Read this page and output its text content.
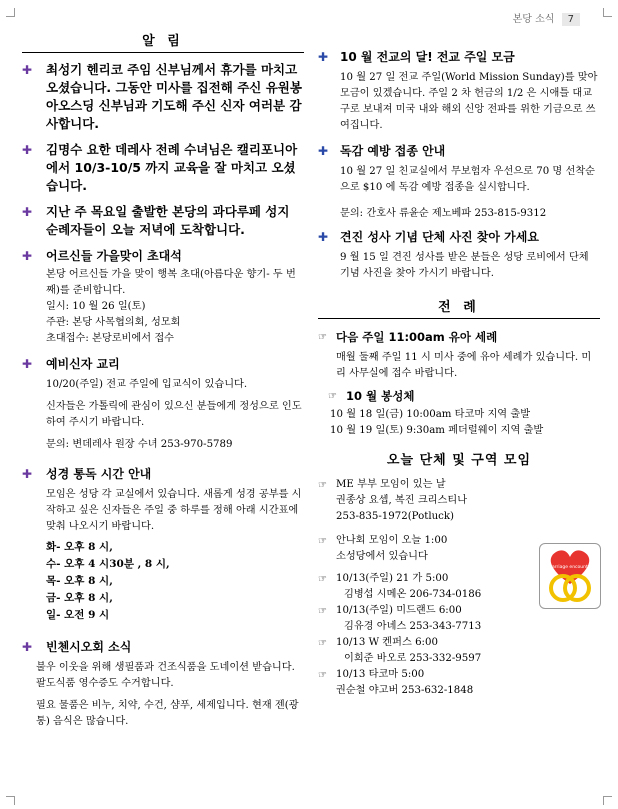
본당 소식 7
알 림
✚ 최성기 헨리코 주임 신부님께서 휴가를 마치고 오셨습니다. 그동안 미사를 집전해 주신 유원봉 아오스딩 신부님과 기도해 주신 신자 여러분 감사합니다.
✚ 김명수 요한 데레사 전례 수녀님은 캘리포니아에서 10/3-10/5 까지 교육을 잘 마치고 오셨습니다.
✚ 지난 주 목요일 출발한 본당의 과다루페 성지 순례자들이 오늘 저녁에 도착합니다.
✚ 어르신들 가을맞이 초대석

본당 어르신들 가을 맞이 행복 초대(아름다운 향기- 두 번째)를 준비합니다.

일시: 10 월 26 일(토)

주관: 본당 사목협의회, 성모회

초대접수: 본당로비에서 접수

✚ 예비신자 교리

10/20(주일) 전교 주일에 입교식이 있습니다.

신자들은 가톨릭에 관심이 있으신 분들에게 정성으로 인도하여 주시기 바랍니다.

문의: 변데레사 원장 수녀 253-970-5789

✚ 성경 통독 시간 안내
모임은 성당 각 교실에서 있습니다. 새롭게 성경 공부를 시작하고 싶은 신자들은 주일 중 하루를 정해 아래 시간표에 맞춰 나오시기 바랍니다.
화- 오후 8 시,
수- 오후 4 시30분 , 8 시,
목- 오후 8 시,
금- 오후 8 시,
일- 오전 9 시
✚ 빈첸시오회 소식

불우 이웃을 위해 생필품과 건조식품을 도네이션 받습니다. 팔도식품 영수증도 수거합니다.

필요 물품은 비누, 치약, 수건, 샴푸, 세제입니다. 현재 젠(광통) 음식은 많습니다.

✚ 10 월 전교의 달! 전교 주일 모금
10 월 27 일 전교 주일(World Mission Sunday)를 맞아 모금이 있겠습니다. 주일 2 차 헌금의 1/2 은 시애틀 대교구로 보내져 미국 내와 해외 신앙 전파를 위한 기금으로 쓰여집니다.
✚ 독감 예방 접종 안내
10 월 27 일 친교실에서 무보험자 우선으로 70 명 선착순으로 $10 에 독감 예방 접종을 실시합니다.
문의: 간호사 류윤순 제노베파 253-815-9312
✚ 견진 성사 기념 단체 사진 찾아 가세요
9 월 15 일 견진 성사를 받은 분들은 성당 로비에서 단체 기념 사진을 찾아 가시기 바랍니다.
전 례
☞ 다음 주일 11:00am 유아 세례
매월 둘째 주일 11 시 미사 중에 유아 세례가 있습니다. 미리 사무실에 접수 바랍니다.
☞ 10 월 봉성체

10 월 18 일(금) 10:00am 타코마 지역 출발

10 월 19 일(토) 9:30am 페더럴웨이 지역 출발

오늘 단체 및 구역 모임
☞ ME 부부 모임이 있는 날
권종상 요셉, 복진 크리스티나
253-835-1972(Potluck)
☞ 안나회 모임이 오늘 1:00
소성당에서 있습니다
☞ 10/13(주일) 21 가 5:00
김병섭 시메온 206-734-0186
☞ 10/13(주일) 미드랜드 6:00
김유경 아녜스 253-343-7713
☞ 10/13 W 켄퍼스 6:00
이희준 바오로 253-332-9597
☞ 10/13 타코마 5:00
권순철 야고버 253-632-1848
marriage encounter
